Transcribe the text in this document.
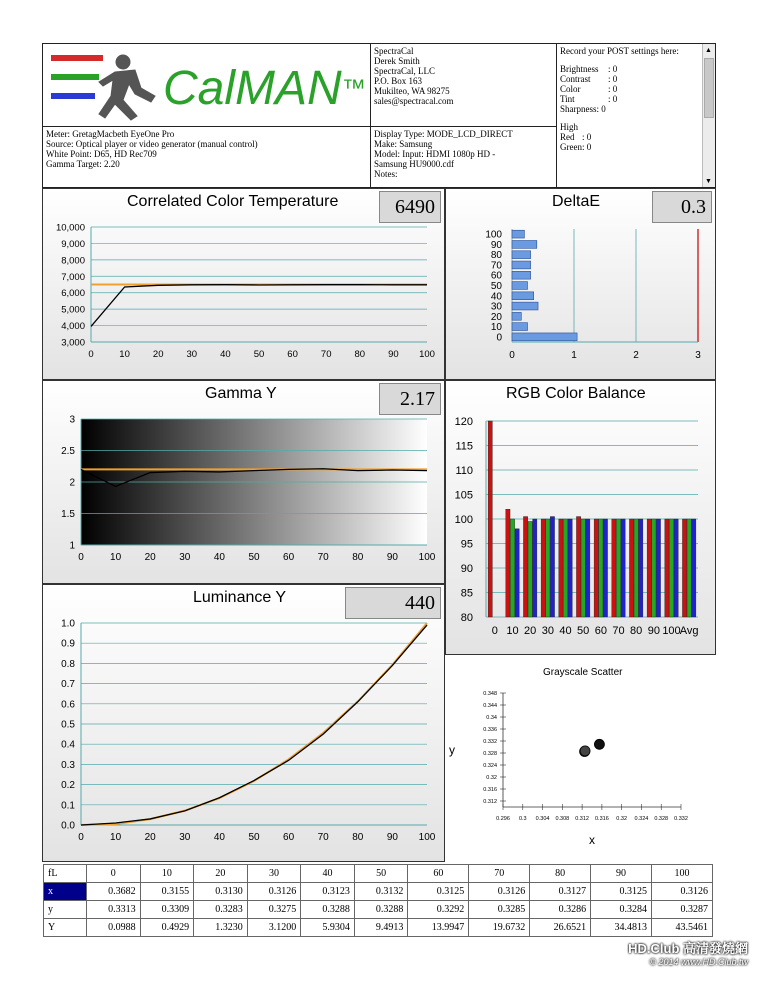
CalMAN™
SpectraCal
Derek Smith
SpectraCal, LLC
P.O. Box 163
Mukilteo, WA 98275
sales@spectracal.com
Record your POST settings here:
Brightness : 0
Contrast : 0
Color	: 0
Tint	: 0
Sharpness: 0
High
Red : 0
Green: 0
▲
▼
Meter: GretagMacbeth EyeOne Pro
Source: Optical player or video generator (manual control)
White Point: D65, HD Rec709
Gamma Target: 2.20
Display Type: MODE_LCD_DIRECT
Make: Samsung
Model: Input: HDMI 1080p HD -
Samsung HU9000.cdf
Notes:
Correlated Color Temperature	6490
3,000
4,000
5,000
6,000
7,000
8,000
9,000
10,000
0	10 20 30 40 50 60 70 80 90 100
DeltaE	0.3
0	1	2	3
0
10
20
30
40
50
60
70
80
90
100
Gamma Y	2.17
1
1.5
2
2.5
3
0	10 20 30 40 50 60 70 80 90 100
RGB Color Balance
80
85
90
95
100
105
110
115
120
0 10 20 30 40 50 60 70 80 90 100 Avg
Luminance Y	440
0.0
0.1
0.2
0.3
0.4
0.5
0.6
0.7
0.8
0.9
1.0
0	10 20 30 40 50 60 70 80 90 100
Grayscale Scatter
0.312
0.316
0.32
0.324
0.328
0.332
0.336
0.34
0.344
0.348
0.296 0.3 0.304 0.308 0.312 0.316 0.32 0.324 0.328 0.332
x
y
fL	0	10	20	30	40	50	60	70	80	90	100
x	0.3682	0.3155	0.3130	0.3126	0.3123	0.3132	0.3125	0.3126	0.3127	0.3125	0.3126
y	0.3313	0.3309	0.3283	0.3275	0.3288	0.3288	0.3292	0.3285	0.3286	0.3284	0.3287
Y	0.0988	0.4929	1.3230	3.1200	5.9304	9.4913	13.9947	19.6732	26.6521	34.4813	43.5461
HD.Club 高清發燒網
© 2014 www.HD.Club.tw
